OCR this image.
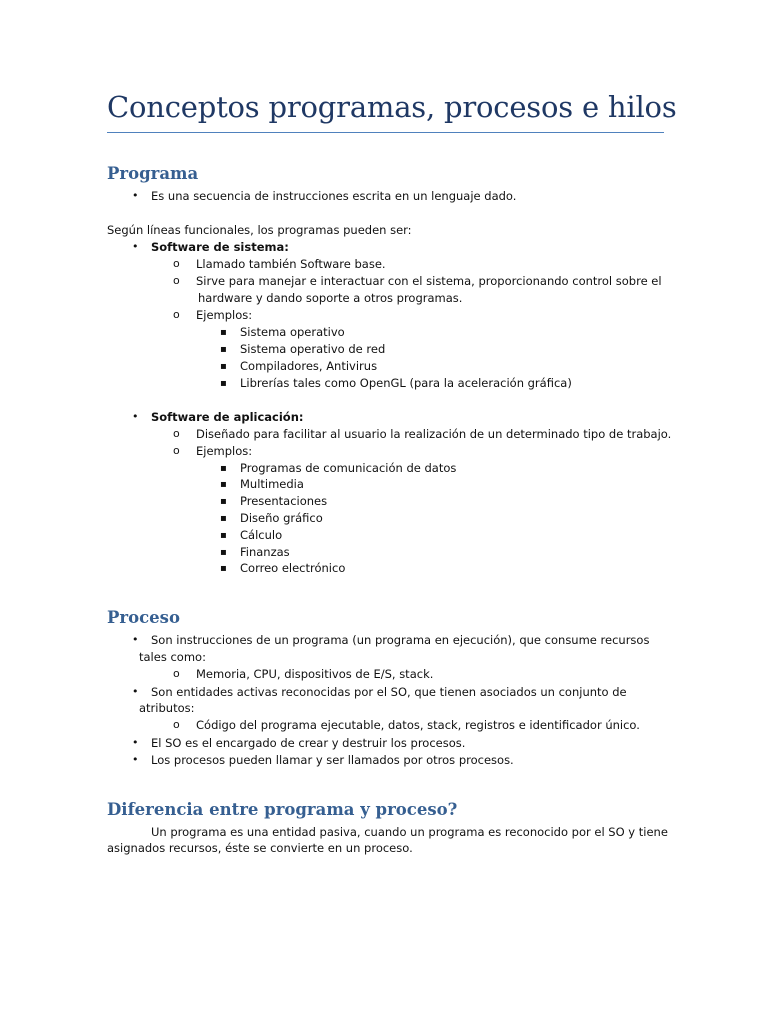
Conceptos programas, procesos e hilos
Programa
•
Es una secuencia de instrucciones escrita en un lenguaje dado.
Según líneas funcionales, los programas pueden ser:
•
Software de sistema:
o
Llamado también Software base.
o
Sirve para manejar e interactuar con el sistema, proporcionando control sobre el
hardware y dando soporte a otros programas.
o
Ejemplos:
▪
Sistema operativo
▪
Sistema operativo de red
▪
Compiladores, Antivirus
▪
Librerías tales como OpenGL (para la aceleración gráfica)
•
Software de aplicación:
o
Diseñado para facilitar al usuario la realización de un determinado tipo de trabajo.
o
Ejemplos:
▪
Programas de comunicación de datos
▪
Multimedia
▪
Presentaciones
▪
Diseño gráfico
▪
Cálculo
▪
Finanzas
▪
Correo electrónico
Proceso
•
Son instrucciones de un programa (un programa en ejecución), que consume recursos
tales como:
o
Memoria, CPU, dispositivos de E/S, stack.
•
Son entidades activas reconocidas por el SO, que tienen asociados un conjunto de
atributos:
o
Código del programa ejecutable, datos, stack, registros e identificador único.
•
El SO es el encargado de crear y destruir los procesos.
•
Los procesos pueden llamar y ser llamados por otros procesos.
Diferencia entre programa y proceso?
Un programa es una entidad pasiva, cuando un programa es reconocido por el SO y tiene
asignados recursos, éste se convierte en un proceso.
